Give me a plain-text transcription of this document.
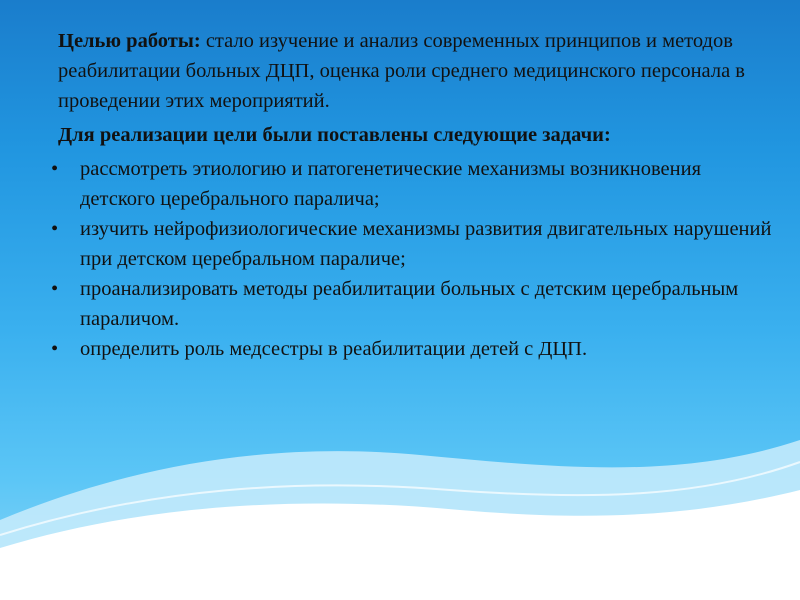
Целью работы: стало изучение и анализ современных принципов и методов реабилитации больных ДЦП, оценка роли среднего медицинского персонала в проведении этих мероприятий.

Для реализации цели были поставлены следующие задачи:

• рассмотреть этиологию и патогенетические механизмы возникновения детского церебрального паралича;
• изучить нейрофизиологические механизмы развития двигательных нарушений при детском церебральном параличе;
• проанализировать методы реабилитации больных с детским церебральным параличом.
• определить роль медсестры в реабилитации детей с ДЦП.
